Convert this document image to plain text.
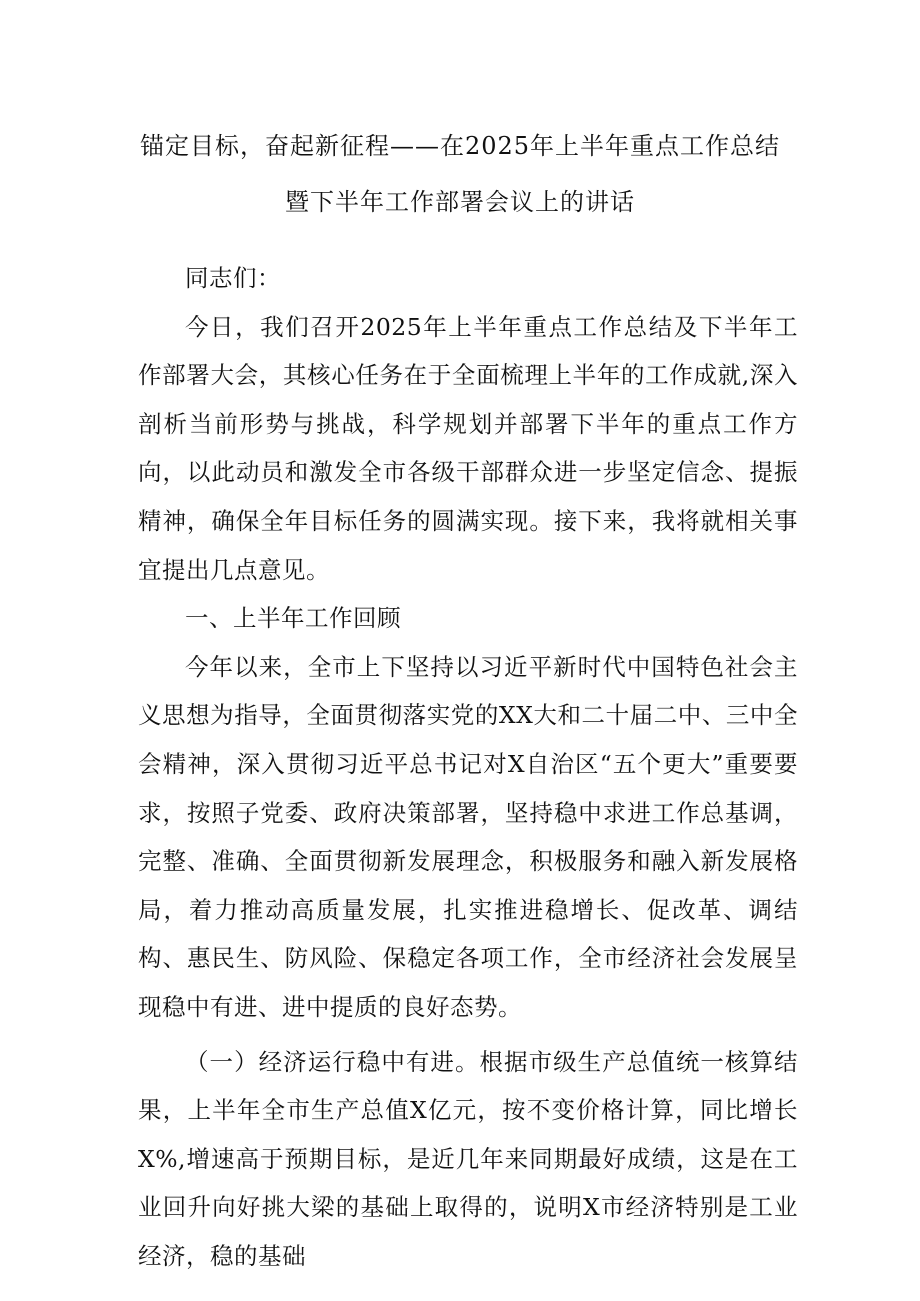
锚定目标，奋起新征程——在2025年上半年重点工作总结
暨下半年工作部署会议上的讲话

同志们：

今日，我们召开2025年上半年重点工作总结及下半年工作部署大会，其核心任务在于全面梳理上半年的工作成就,深入剖析当前形势与挑战，科学规划并部署下半年的重点工作方向，以此动员和激发全市各级干部群众进一步坚定信念、提振精神，确保全年目标任务的圆满实现。接下来，我将就相关事宜提出几点意见。

一、上半年工作回顾

今年以来，全市上下坚持以习近平新时代中国特色社会主义思想为指导，全面贯彻落实党的XX大和二十届二中、三中全会精神，深入贯彻习近平总书记对X自治区“五个更大”重要要求，按照子党委、政府决策部署，坚持稳中求进工作总基调，完整、准确、全面贯彻新发展理念，积极服务和融入新发展格局，着力推动高质量发展，扎实推进稳增长、促改革、调结构、惠民生、防风险、保稳定各项工作，全市经济社会发展呈现稳中有进、进中提质的良好态势。

（一）经济运行稳中有进。根据市级生产总值统一核算结果，上半年全市生产总值X亿元，按不变价格计算，同比增长X%,增速高于预期目标，是近几年来同期最好成绩，这是在工业回升向好挑大梁的基础上取得的，说明X市经济特别是工业经济，稳的基础
